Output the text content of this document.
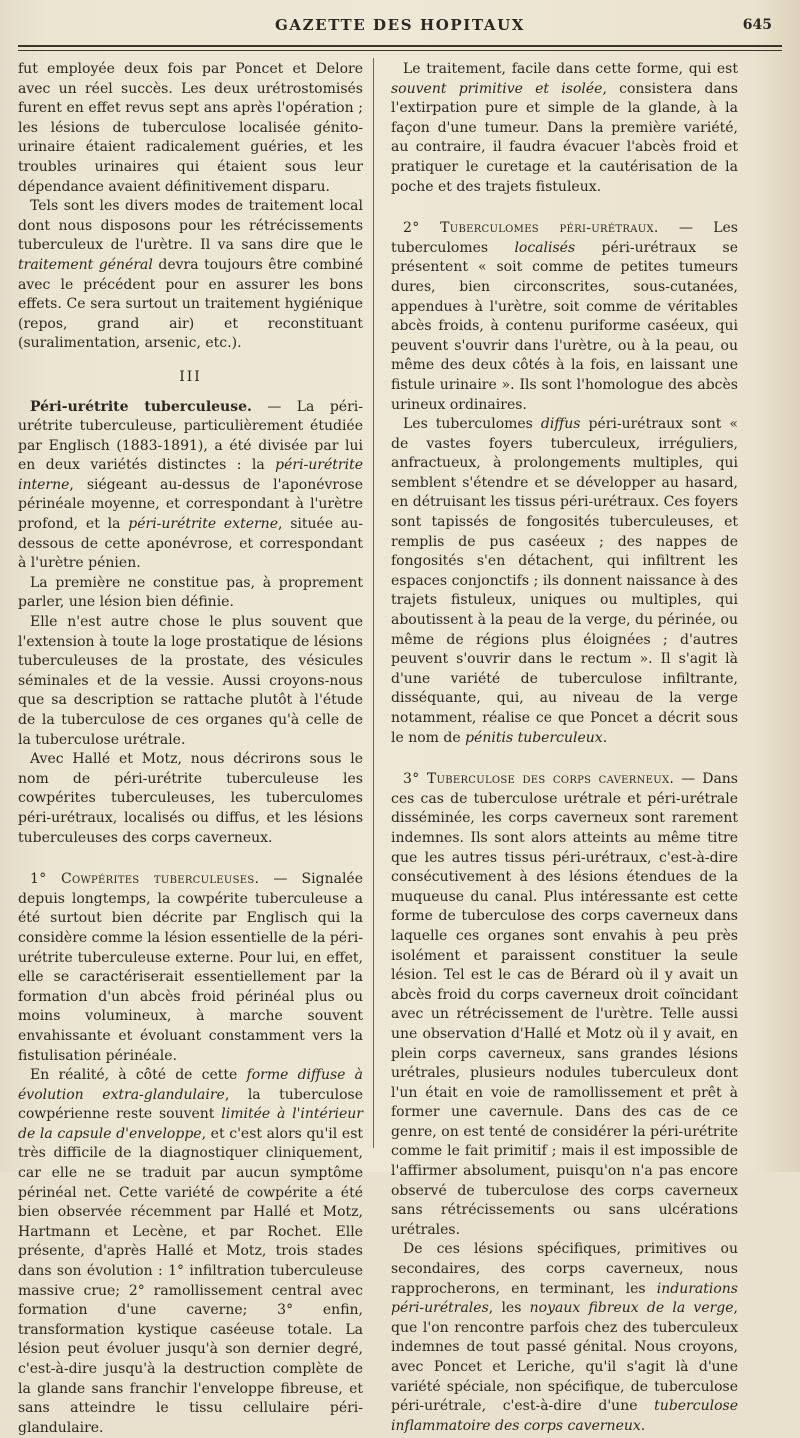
GAZETTE DES HOPITAUX	645

fut employée deux fois par Poncet et Delore avec un réel succès. Les deux urétrostomisés furent en effet revus sept ans après l'opération ; les lésions de tuberculose localisée génito-urinaire étaient radicalement guéries, et les troubles urinaires qui étaient sous leur dépendance avaient définitivement disparu.

Tels sont les divers modes de traitement local dont nous disposons pour les rétrécissements tuberculeux de l'urètre. Il va sans dire que le traitement général devra toujours être combiné avec le précédent pour en assurer les bons effets. Ce sera surtout un traitement hygiénique (repos, grand air) et reconstituant (suralimentation, arsenic, etc.).

III

Péri-urétrite tuberculeuse. — La péri-urétrite tuberculeuse, particulièrement étudiée par Englisch (1883-1891), a été divisée par lui en deux variétés distinctes : la péri-urétrite interne, siégeant au-dessus de l'aponévrose périnéale moyenne, et correspondant à l'urètre profond, et la péri-urétrite externe, située au-dessous de cette aponévrose, et correspondant à l'urètre pénien.

La première ne constitue pas, à proprement parler, une lésion bien définie.

Elle n'est autre chose le plus souvent que l'extension à toute la loge prostatique de lésions tuberculeuses de la prostate, des vésicules séminales et de la vessie. Aussi croyons-nous que sa description se rattache plutôt à l'étude de la tuberculose de ces organes qu'à celle de la tuberculose urétrale.

Avec Hallé et Motz, nous décrirons sous le nom de péri-urétrite tuberculeuse les cowpérites tuberculeuses, les tuberculomes péri-urétraux, localisés ou diffus, et les lésions tuberculeuses des corps caverneux.

1° Cowpérites tuberculeuses. — Signalée depuis longtemps, la cowpérite tuberculeuse a été surtout bien décrite par Englisch qui la considère comme la lésion essentielle de la péri-urétrite tuberculeuse externe. Pour lui, en effet, elle se caractériserait essentiellement par la formation d'un abcès froid périnéal plus ou moins volumineux, à marche souvent envahissante et évoluant constamment vers la fistulisation périnéale.

En réalité, à côté de cette forme diffuse à évolution extra-glandulaire, la tuberculose cowpérienne reste souvent limitée à l'intérieur de la capsule d'enveloppe, et c'est alors qu'il est très difficile de la diagnostiquer cliniquement, car elle ne se traduit par aucun symptôme périnéal net. Cette variété de cowpérite a été bien observée récemment par Hallé et Motz, Hartmann et Lecène, et par Rochet. Elle présente, d'après Hallé et Motz, trois stades dans son évolution : 1° infiltration tuberculeuse massive crue; 2° ramollissement central avec formation d'une caverne; 3° enfin, transformation kystique caséeuse totale. La lésion peut évoluer jusqu'à son dernier degré, c'est-à-dire jusqu'à la destruction complète de la glande sans franchir l'enveloppe fibreuse, et sans atteindre le tissu cellulaire péri-glandulaire.

Le traitement, facile dans cette forme, qui est souvent primitive et isolée, consistera dans l'extirpation pure et simple de la glande, à la façon d'une tumeur. Dans la première variété, au contraire, il faudra évacuer l'abcès froid et pratiquer le curetage et la cautérisation de la poche et des trajets fistuleux.

2° Tuberculomes péri-urétraux. — Les tuberculomes localisés péri-urétraux se présentent « soit comme de petites tumeurs dures, bien circonscrites, sous-cutanées, appendues à l'urètre, soit comme de véritables abcès froids, à contenu puriforme caséeux, qui peuvent s'ouvrir dans l'urètre, ou à la peau, ou même des deux côtés à la fois, en laissant une fistule urinaire ». Ils sont l'homologue des abcès urineux ordinaires.

Les tuberculomes diffus péri-urétraux sont « de vastes foyers tuberculeux, irréguliers, anfractueux, à prolongements multiples, qui semblent s'étendre et se développer au hasard, en détruisant les tissus péri-urétraux. Ces foyers sont tapissés de fongosités tuberculeuses, et remplis de pus caséeux ; des nappes de fongosités s'en détachent, qui infiltrent les espaces conjonctifs ; ils donnent naissance à des trajets fistuleux, uniques ou multiples, qui aboutissent à la peau de la verge, du périnée, ou même de régions plus éloignées ; d'autres peuvent s'ouvrir dans le rectum ». Il s'agit là d'une variété de tuberculose infiltrante, disséquante, qui, au niveau de la verge notamment, réalise ce que Poncet a décrit sous le nom de pénitis tuberculeux.

3° Tuberculose des corps caverneux. — Dans ces cas de tuberculose urétrale et péri-urétrale disséminée, les corps caverneux sont rarement indemnes. Ils sont alors atteints au même titre que les autres tissus péri-urétraux, c'est-à-dire consécutivement à des lésions étendues de la muqueuse du canal. Plus intéressante est cette forme de tuberculose des corps caverneux dans laquelle ces organes sont envahis à peu près isolément et paraissent constituer la seule lésion. Tel est le cas de Bérard où il y avait un abcès froid du corps caverneux droit coïncidant avec un rétrécissement de l'urètre. Telle aussi une observation d'Hallé et Motz où il y avait, en plein corps caverneux, sans grandes lésions urétrales, plusieurs nodules tuberculeux dont l'un était en voie de ramollissement et prêt à former une cavernule. Dans des cas de ce genre, on est tenté de considérer la péri-urétrite comme le fait primitif ; mais il est impossible de l'affirmer absolument, puisqu'on n'a pas encore observé de tuberculose des corps caverneux sans rétrécissements ou sans ulcérations urétrales.

De ces lésions spécifiques, primitives ou secondaires, des corps caverneux, nous rapprocherons, en terminant, les indurations péri-urétrales, les noyaux fibreux de la verge, que l'on rencontre parfois chez des tuberculeux indemnes de tout passé génital. Nous croyons, avec Poncet et Leriche, qu'il s'agit là d'une variété spéciale, non spécifique, de tuberculose péri-urétrale, c'est-à-dire d'une tuberculose inflammatoire des corps caverneux.
